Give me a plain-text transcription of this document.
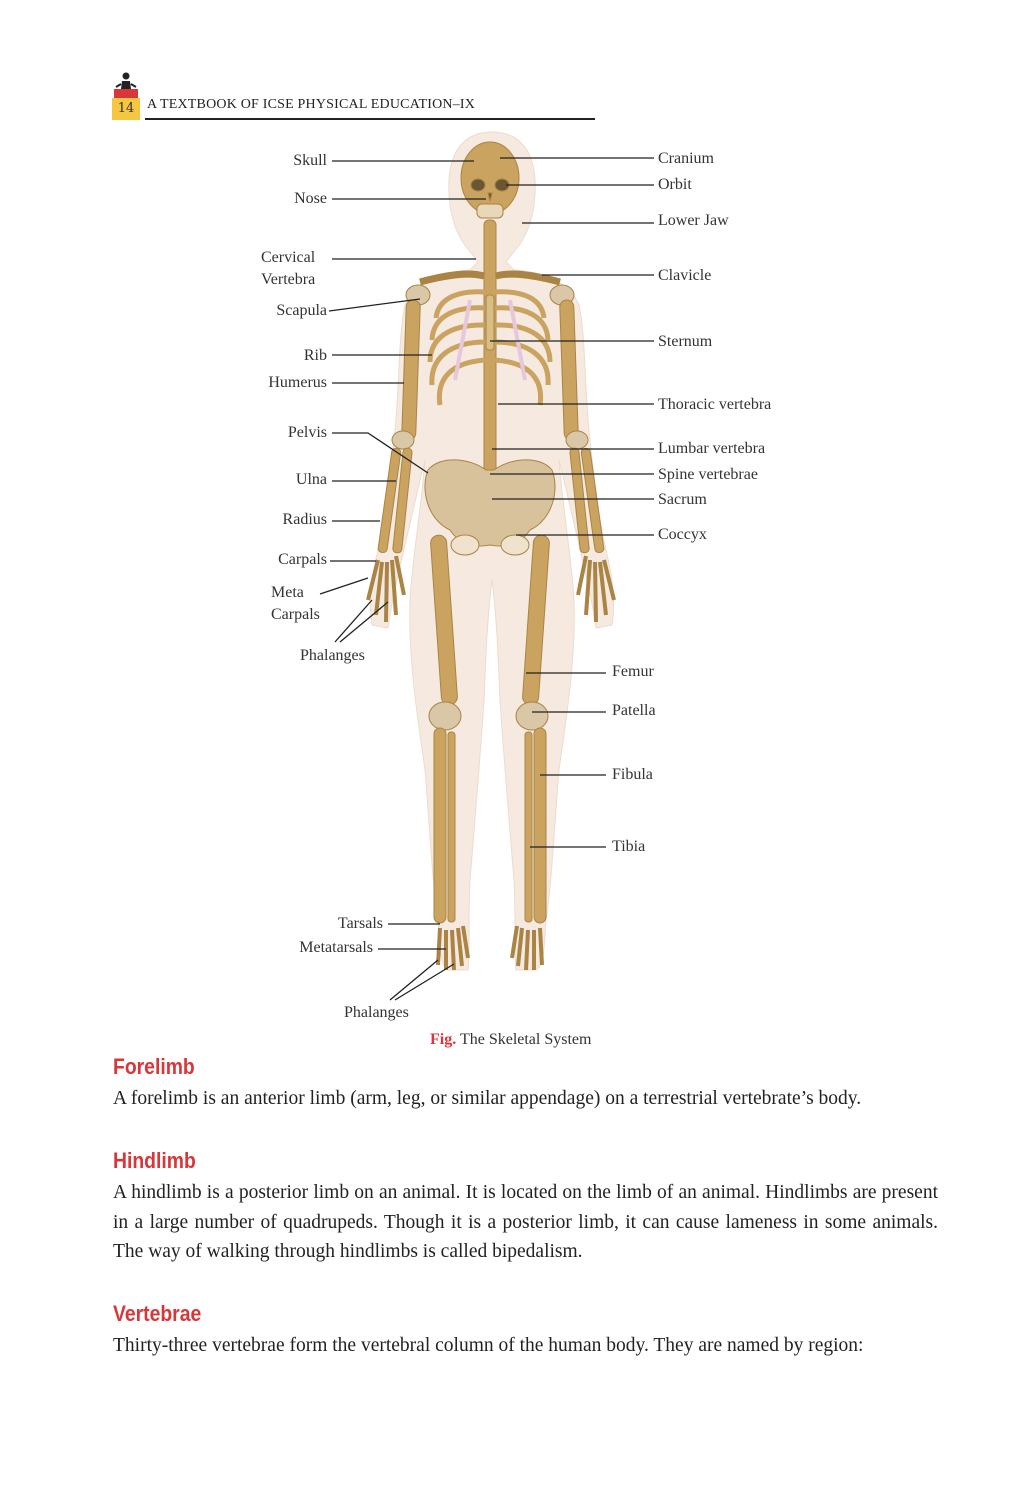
14 A TEXTBOOK OF ICSE PHYSICAL EDUCATION–IX
Skull
Nose
Cervical
Vertebra
Scapula
Rib
Humerus
Pelvis
Ulna
Radius
Carpals
Meta
Carpals
Phalanges
Tarsals
Metatarsals
Phalanges
Cranium
Orbit
Lower Jaw
Clavicle
Sternum
Thoracic vertebra
Lumbar vertebra
Spine vertebrae
Sacrum
Coccyx
Femur
Patella
Fibula
Tibia
Fig. The Skeletal System
Forelimb
A forelimb is an anterior limb (arm, leg, or similar appendage) on a terrestrial vertebrate’s body.
Hindlimb
A hindlimb is a posterior limb on an animal. It is located on the limb of an animal. Hindlimbs are present in a large number of quadrupeds. Though it is a posterior limb, it can cause lameness in some animals. The way of walking through hindlimbs is called bipedalism.
Vertebrae
Thirty-three vertebrae form the vertebral column of the human body. They are named by region:
